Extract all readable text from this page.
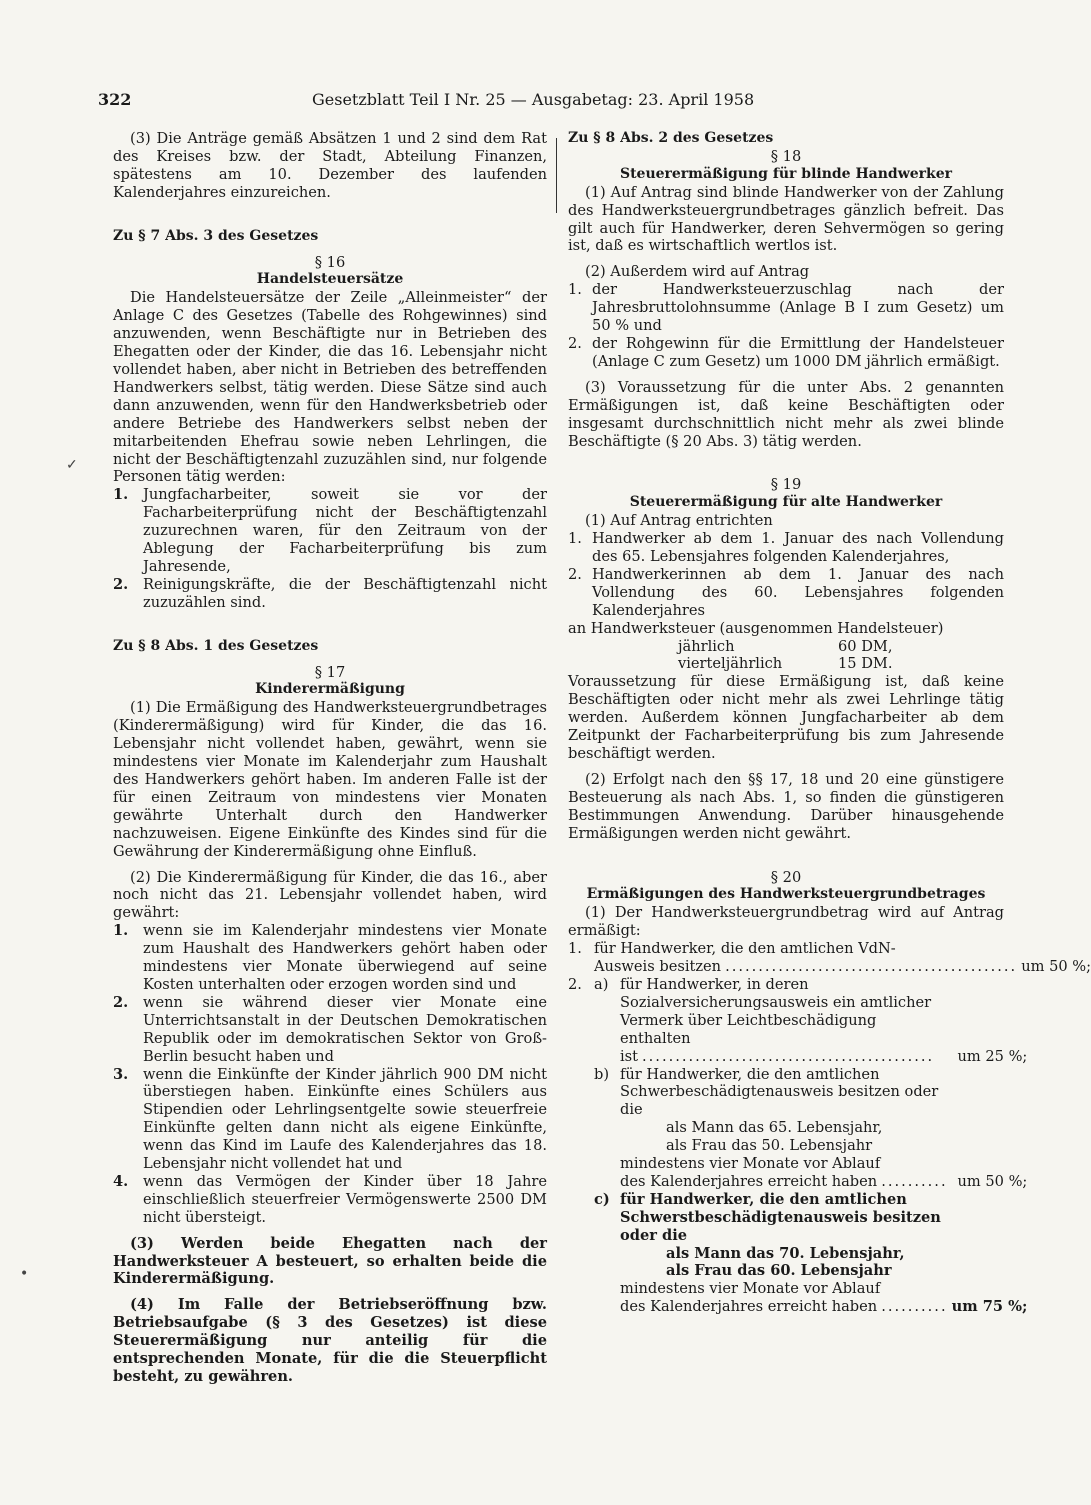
322	Gesetzblatt Teil I Nr. 25 — Ausgabetag: 23. April 1958

(3) Die Anträge gemäß Absätzen 1 und 2 sind dem Rat des Kreises bzw. der Stadt, Abteilung Finanzen, spätestens am 10. Dezember des laufenden Kalenderjahres einzureichen.

Zu § 7 Abs. 3 des Gesetzes
§ 16
Handelsteuersätze

Die Handelsteuersätze der Zeile „Alleinmeister“ der Anlage C des Gesetzes (Tabelle des Rohgewinnes) sind anzuwenden, wenn Beschäftigte nur in Betrieben des Ehegatten oder der Kinder, die das 16. Lebensjahr nicht vollendet haben, aber nicht in Betrieben des betreffenden Handwerkers selbst, tätig werden. Diese Sätze sind auch dann anzuwenden, wenn für den Handwerksbetrieb oder andere Betriebe des Handwerkers selbst neben der mitarbeitenden Ehefrau sowie neben Lehrlingen, die nicht der Beschäftigtenzahl zuzuzählen sind, nur folgende Personen tätig werden:

1.	Jungfacharbeiter, soweit sie vor der Facharbeiterprüfung nicht der Beschäftigtenzahl zuzurechnen waren, für den Zeitraum von der Ablegung der Facharbeiterprüfung bis zum Jahresende,
2.	Reinigungskräfte, die der Beschäftigtenzahl nicht zuzuzählen sind.
Zu § 8 Abs. 1 des Gesetzes
§ 17
Kinderermäßigung

(1) Die Ermäßigung des Handwerksteuergrundbetrages (Kinderermäßigung) wird für Kinder, die das 16. Lebensjahr nicht vollendet haben, gewährt, wenn sie mindestens vier Monate im Kalenderjahr zum Haushalt des Handwerkers gehört haben. Im anderen Falle ist der für einen Zeitraum von mindestens vier Monaten gewährte Unterhalt durch den Handwerker nachzuweisen. Eigene Einkünfte des Kindes sind für die Gewährung der Kinderermäßigung ohne Einfluß.

(2) Die Kinderermäßigung für Kinder, die das 16., aber noch nicht das 21. Lebensjahr vollendet haben, wird gewährt:

1.	wenn sie im Kalenderjahr mindestens vier Monate zum Haushalt des Handwerkers gehört haben oder mindestens vier Monate überwiegend auf seine Kosten unterhalten oder erzogen worden sind und
2.	wenn sie während dieser vier Monate eine Unterrichtsanstalt in der Deutschen Demokratischen Republik oder im demokratischen Sektor von Groß-Berlin besucht haben und
3.	wenn die Einkünfte der Kinder jährlich 900 DM nicht überstiegen haben. Einkünfte eines Schülers aus Stipendien oder Lehrlingsentgelte sowie steuerfreie Einkünfte gelten dann nicht als eigene Einkünfte, wenn das Kind im Laufe des Kalenderjahres das 18. Lebensjahr nicht vollendet hat und
4.	wenn das Vermögen der Kinder über 18 Jahre einschließlich steuerfreier Vermögenswerte 2500 DM nicht übersteigt.

(3) Werden beide Ehegatten nach der Handwerksteuer A besteuert, so erhalten beide die Kinderermäßigung.

(4) Im Falle der Betriebseröffnung bzw. Betriebsaufgabe (§ 3 des Gesetzes) ist diese Steuerermäßigung nur anteilig für die entsprechenden Monate, für die die Steuerpflicht besteht, zu gewähren.

Zu § 8 Abs. 2 des Gesetzes
§ 18
Steuerermäßigung für blinde Handwerker

(1) Auf Antrag sind blinde Handwerker von der Zahlung des Handwerksteuergrundbetrages gänzlich befreit. Das gilt auch für Handwerker, deren Sehvermögen so gering ist, daß es wirtschaftlich wertlos ist.

(2) Außerdem wird auf Antrag

1. der Handwerksteuerzuschlag nach der Jahresbruttolohnsumme (Anlage B I zum Gesetz) um 50 % und
2. der Rohgewinn für die Ermittlung der Handelsteuer (Anlage C zum Gesetz) um 1000 DM jährlich ermäßigt.

(3) Voraussetzung für die unter Abs. 2 genannten Ermäßigungen ist, daß keine Beschäftigten oder insgesamt durchschnittlich nicht mehr als zwei blinde Beschäftigte (§ 20 Abs. 3) tätig werden.

§ 19
Steuerermäßigung für alte Handwerker

(1) Auf Antrag entrichten

1. Handwerker ab dem 1. Januar des nach Vollendung des 65. Lebensjahres folgenden Kalenderjahres,
2. Handwerkerinnen ab dem 1. Januar des nach Vollendung des 60. Lebensjahres folgenden Kalenderjahres

an Handwerksteuer (ausgenommen Handelsteuer)

jährlich	60 DM,
vierteljährlich	15 DM.

Voraussetzung für diese Ermäßigung ist, daß keine Beschäftigten oder nicht mehr als zwei Lehrlinge tätig werden. Außerdem können Jungfacharbeiter ab dem Zeitpunkt der Facharbeiterprüfung bis zum Jahresende beschäftigt werden.

(2) Erfolgt nach den §§ 17, 18 und 20 eine günstigere Besteuerung als nach Abs. 1, so finden die günstigeren Bestimmungen Anwendung. Darüber hinausgehende Ermäßigungen werden nicht gewährt.

§ 20
Ermäßigungen des Handwerksteuergrundbetrages

(1) Der Handwerksteuergrundbetrag wird auf Antrag ermäßigt:

1. für Handwerker, die den amtlichen VdN-
Ausweis besitzen ............................................ um 50 %;
2. a) für Handwerker, in deren Sozialversicherungsausweis ein amtlicher Vermerk über Leichtbeschädigung enthalten
ist ............................................	um 25 %;
b) für Handwerker, die den amtlichen Schwerbeschädigtenausweis besitzen oder die
als Mann das 65. Lebensjahr,
als Frau das 50. Lebensjahr
mindestens vier Monate vor Ablauf
des Kalenderjahres erreicht haben .......... um 50 %;
c) für Handwerker, die den amtlichen Schwerstbeschädigtenausweis besitzen oder die
als Mann das 70. Lebensjahr,
als Frau das 60. Lebensjahr
mindestens vier Monate vor Ablauf
des Kalenderjahres erreicht haben .......... um 75 %;
✓
•
